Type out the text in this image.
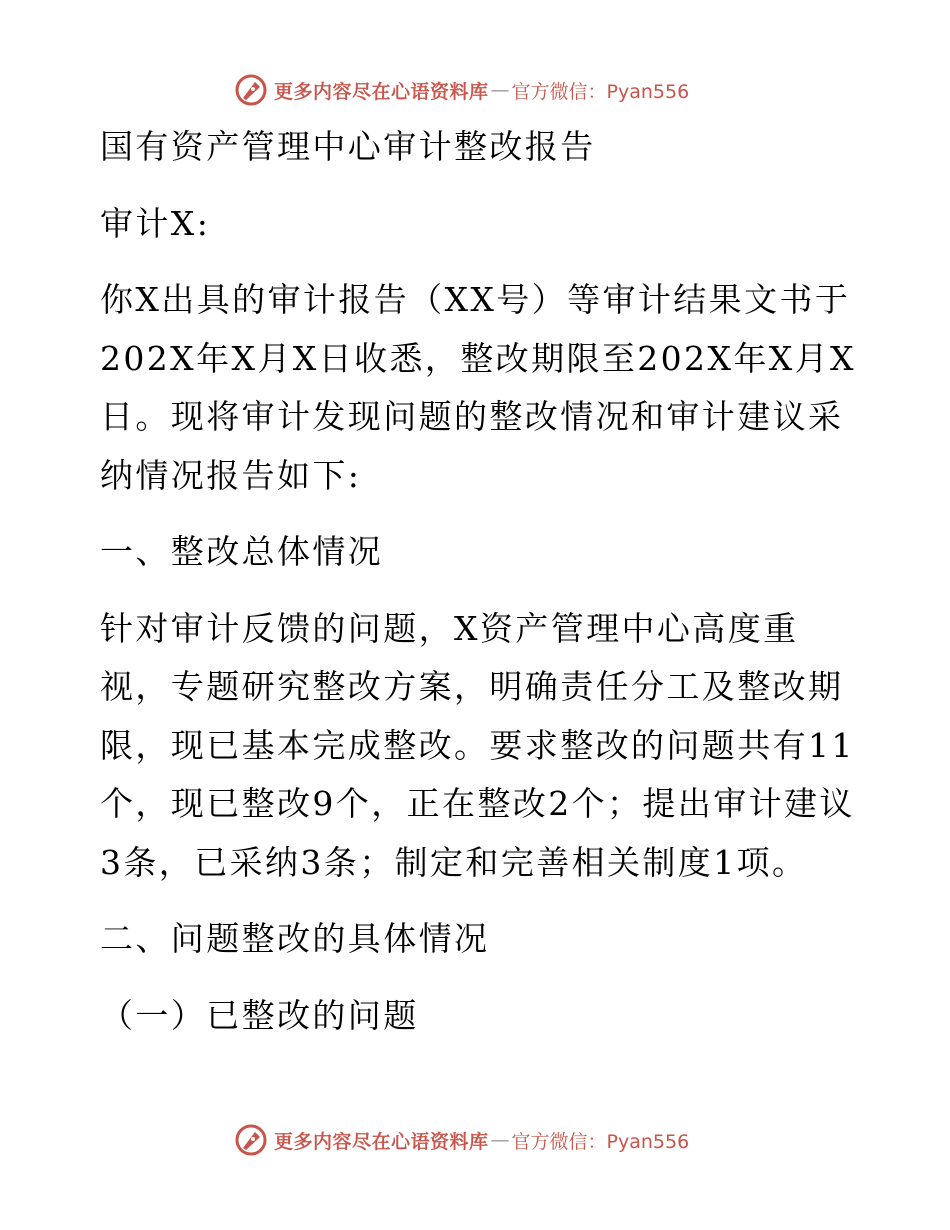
更多内容尽在心语资料库 — 官方微信：Pyan556

国有资产管理中心审计整改报告

审计X:

你X出具的审计报告（XX号）等审计结果文书于202X年X月X日收悉，整改期限至202X年X月X日。现将审计发现问题的整改情况和审计建议采纳情况报告如下:

一、整改总体情况

针对审计反馈的问题，X资产管理中心高度重视，专题研究整改方案，明确责任分工及整改期限，现已基本完成整改。要求整改的问题共有11个，现已整改9个，正在整改2个；提出审计建议3条，已采纳3条；制定和完善相关制度1项。

二、问题整改的具体情况

（一）已整改的问题

更多内容尽在心语资料库 — 官方微信：Pyan556
